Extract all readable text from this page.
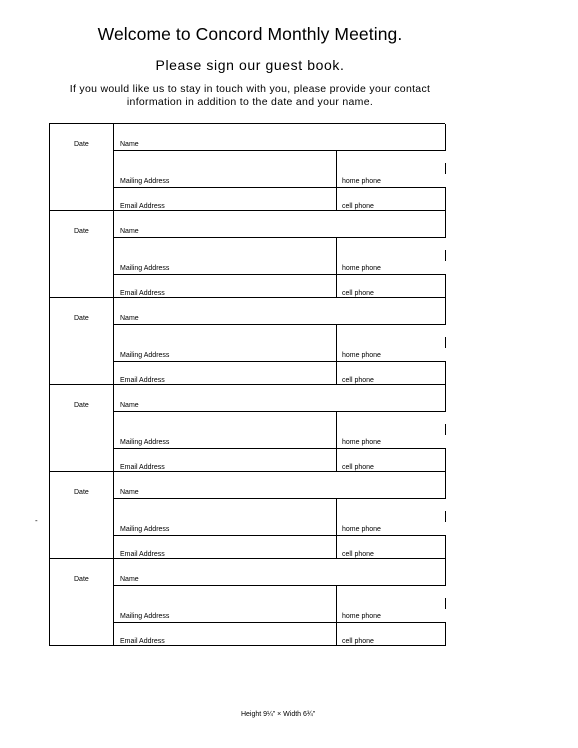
Welcome to Concord Monthly Meeting.
Please sign our guest book.
If you would like us to stay in touch with you, please provide your contact information in addition to the date and your name.
Date	Name
Mailing Address	home phone
Email Address	cell phone
Date	Name
Mailing Address	home phone
Email Address	cell phone
Date	Name
Mailing Address	home phone
Email Address	cell phone
Date	Name
Mailing Address	home phone
Email Address	cell phone
Date	Name
Mailing Address	home phone
Email Address	cell phone
Date	Name
Mailing Address	home phone
Email Address	cell phone
-
Height 9¼” × Width 6¾”
